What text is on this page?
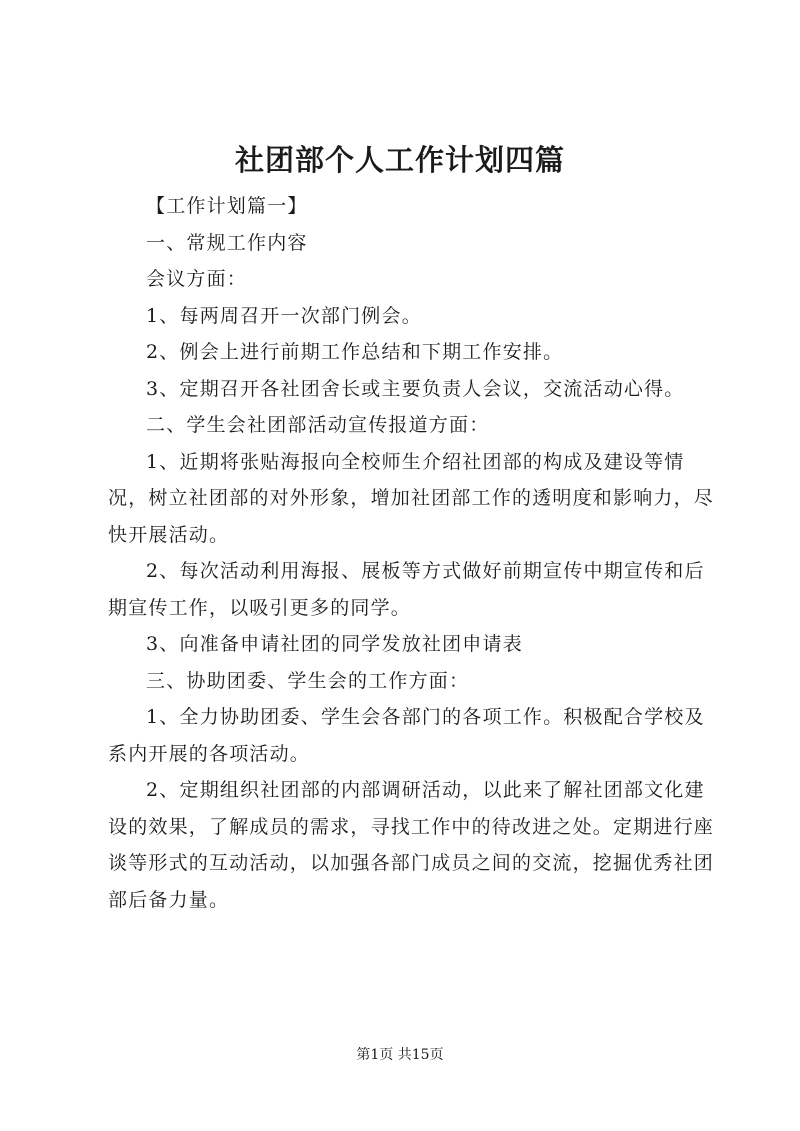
社团部个人工作计划四篇

【工作计划篇一】

一、常规工作内容

会议方面：

1、每两周召开一次部门例会。

2、例会上进行前期工作总结和下期工作安排。

3、定期召开各社团舍长或主要负责人会议，交流活动心得。

二、学生会社团部活动宣传报道方面：

1、近期将张贴海报向全校师生介绍社团部的构成及建设等情况，树立社团部的对外形象，增加社团部工作的透明度和影响力，尽快开展活动。

2、每次活动利用海报、展板等方式做好前期宣传中期宣传和后期宣传工作，以吸引更多的同学。

3、向准备申请社团的同学发放社团申请表

三、协助团委、学生会的工作方面：

1、全力协助团委、学生会各部门的各项工作。积极配合学校及系内开展的各项活动。

2、定期组织社团部的内部调研活动，以此来了解社团部文化建设的效果，了解成员的需求，寻找工作中的待改进之处。定期进行座谈等形式的互动活动，以加强各部门成员之间的交流，挖掘优秀社团部后备力量。

第1页 共15页
